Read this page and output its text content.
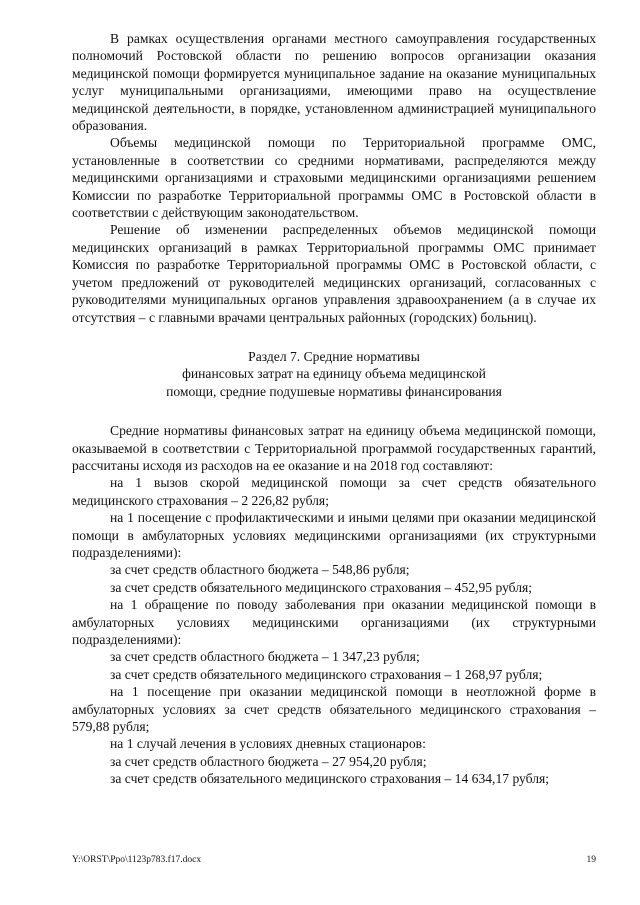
В рамках осуществления органами местного самоуправления государственных полномочий Ростовской области по решению вопросов организации оказания медицинской помощи формируется муниципальное задание на оказание муниципальных услуг муниципальными организациями, имеющими право на осуществление медицинской деятельности, в порядке, установленном администрацией муниципального образования.

Объемы медицинской помощи по Территориальной программе ОМС, установленные в соответствии со средними нормативами, распределяются между медицинскими организациями и страховыми медицинскими организациями решением Комиссии по разработке Территориальной программы ОМС в Ростовской области в соответствии с действующим законодательством.

Решение об изменении распределенных объемов медицинской помощи медицинских организаций в рамках Территориальной программы ОМС принимает Комиссия по разработке Территориальной программы ОМС в Ростовской области, с учетом предложений от руководителей медицинских организаций, согласованных с руководителями муниципальных органов управления здравоохранением (а в случае их отсутствия – с главными врачами центральных районных (городских) больниц).

Раздел 7. Средние нормативы
финансовых затрат на единицу объема медицинской
помощи, средние подушевые нормативы финансирования

Средние нормативы финансовых затрат на единицу объема медицинской помощи, оказываемой в соответствии с Территориальной программой государственных гарантий, рассчитаны исходя из расходов на ее оказание и на 2018 год составляют:

на 1 вызов скорой медицинской помощи за счет средств обязательного медицинского страхования – 2 226,82 рубля;

на 1 посещение с профилактическими и иными целями при оказании медицинской помощи в амбулаторных условиях медицинскими организациями (их структурными подразделениями):

за счет средств областного бюджета – 548,86 рубля;

за счет средств обязательного медицинского страхования – 452,95 рубля;

на 1 обращение по поводу заболевания при оказании медицинской помощи в амбулаторных условиях медицинскими организациями (их структурными подразделениями):

за счет средств областного бюджета – 1 347,23 рубля;

за счет средств обязательного медицинского страхования – 1 268,97 рубля;

на 1 посещение при оказании медицинской помощи в неотложной форме в амбулаторных условиях за счет средств обязательного медицинского страхования – 579,88 рубля;

на 1 случай лечения в условиях дневных стационаров:

за счет средств областного бюджета – 27 954,20 рубля;

за счет средств обязательного медицинского страхования – 14 634,17 рубля;

Y:\ORST\Ppo\1123p783.f17.docx	19
